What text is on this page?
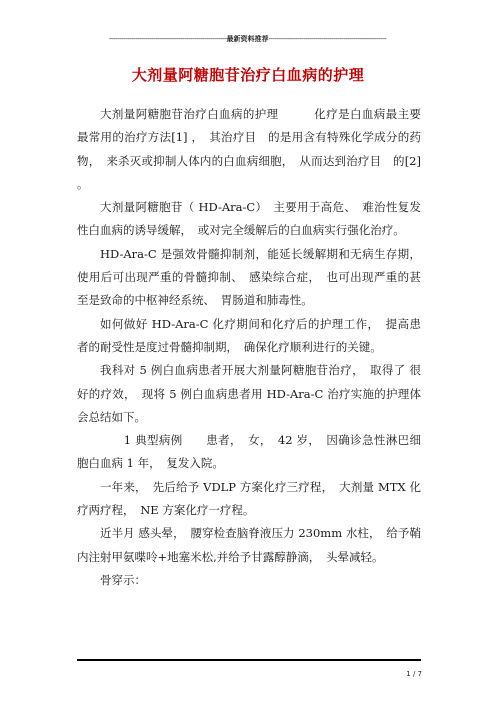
----------------------------------------------------------最新资料推荐----------------------------------------------------------
大剂量阿糖胞苷治疗白血病的护理

大剂量阿糖胞苷治疗白血病的护理　　　化疗是白血病最主要最常用的治疗方法[1] ，　其治疗目　的是用含有特殊化学成分的药物，　来杀灭或抑制人体内的白血病细胞，　从而达到治疗目　的[2]　。

大剂量阿糖胞苷（ HD-Ara-C）　主要用于高危、　难治性复发性白血病的诱导缓解，　或对完全缓解后的白血病实行强化治疗。

HD-Ara-C 是强效骨髓抑制剂，能延长缓解期和无病生存期，使用后可出现严重的骨髓抑制、　感染综合症，　也可出现严重的甚至是致命的中枢神经系统、　胃肠道和肺毒性。

如何做好 HD-Ara-C 化疗期间和化疗后的护理工作，　提高患者的耐受性是度过骨髓抑制期，　确保化疗顺利进行的关键。

我科对 5 例白血病患者开展大剂量阿糖胞苷治疗，　取得了 很好的疗效，　现将 5 例白血病患者用 HD-Ara-C 治疗实施的护理体会总结如下。

　　1 典型病例　　患者，　女，　42 岁，　因确诊急性淋巴细胞白血病 1 年，　复发入院。

一年来，　先后给予 VDLP 方案化疗三疗程，　大剂量 MTX 化疗两疗程，　NE 方案化疗一疗程。

近半月 感头晕，　腰穿检查脑脊液压力 230mm 水柱，　给予鞘内注射甲氨喋呤+地塞米松,并给予甘露醇静滴，　头晕减轻。

骨穿示：

1 / 7
